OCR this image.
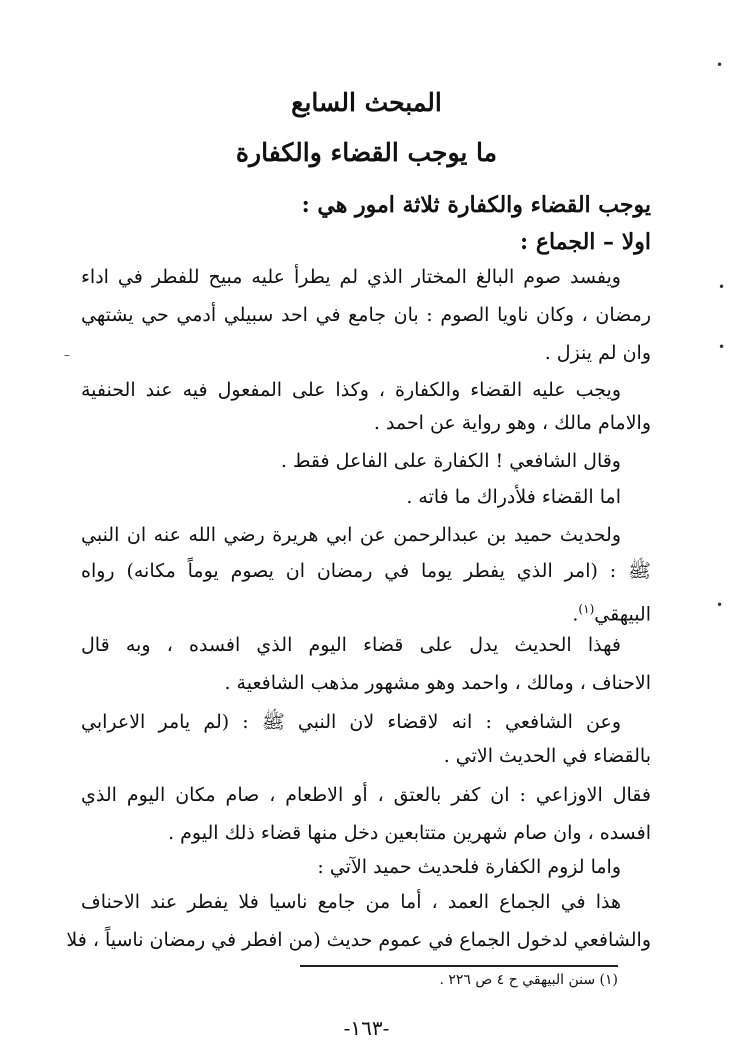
المبحث السابع
ما يوجب القضاء والكفارة
يوجب القضاء والكفارة ثلاثة امور هي :
اولا – الجماع :
ويفسد صوم البالغ المختار الذي لم يطرأ عليه مبيح للفطر في اداء
رمضان ، وكان ناويا الصوم : بان جامع في احد سبيلي أدمي حي يشتهي
وان لم ينزل .
ويجب عليه القضاء والكفارة ، وكذا على المفعول فيه عند الحنفية
والامام مالك ، وهو رواية عن احمد .
وقال الشافعي ! الكفارة على الفاعل فقط .
اما القضاء فلأدراك ما فاته .
ولحديث حميد بن عبدالرحمن عن ابي هريرة رضي الله عنه ان النبي
ﷺ : (امر الذي يفطر يوما في رمضان ان يصوم يوماً مكانه) رواه
البيهقي$^{(١)}$.
فهذا الحديث يدل على قضاء اليوم الذي افسده ، وبه قال
الاحناف ، ومالك ، واحمد وهو مشهور مذهب الشافعية .
وعن الشافعي : انه لاقضاء لان النبي ﷺ : (لم يامر الاعرابي
بالقضاء في الحديث الاتي .
فقال الاوزاعي : ان كفر بالعتق ، أو الاطعام ، صام مكان اليوم الذي
افسده ، وان صام شهرين متتابعين دخل منها قضاء ذلك اليوم .
واما لزوم الكفارة فلحديث حميد الآتي :
هذا في الجماع العمد ، أما من جامع ناسيا فلا يفطر عند الاحناف
والشافعي لدخول الجماع في عموم حديث (من افطر في رمضان ناسياً ، فلا
(١) سنن البيهقي ح ٤ ص ٢٢٦ .
-١٦٣-
•
•
•
•
–
